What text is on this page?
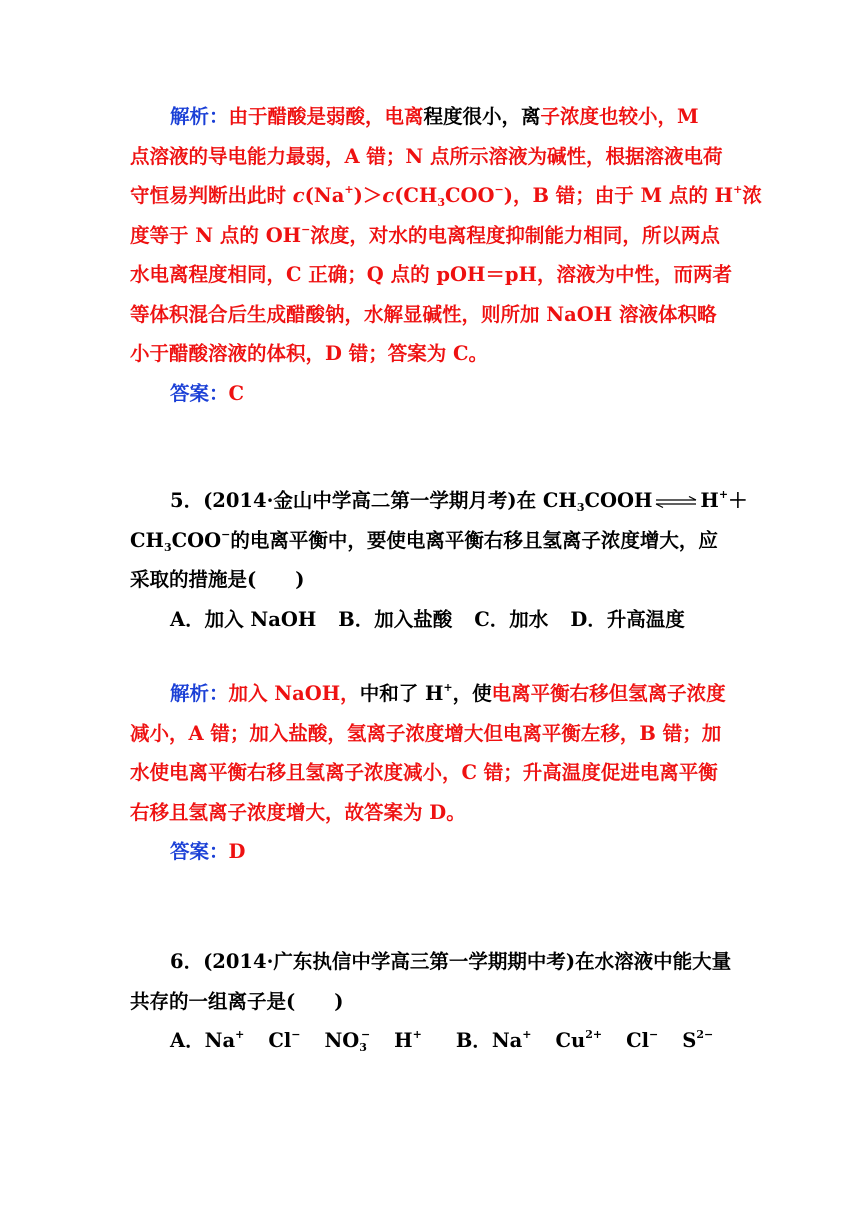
解析：由于醋酸是弱酸，电离程度很小，离子浓度也较小，M
点溶液的导电能力最弱，A 错；N 点所示溶液为碱性，根据溶液电荷
守恒易判断出此时 $c(Na^+)>c(CH_3COO^-)$，B 错；由于 M 点的 H+浓
度等于 N 点的 OH−浓度，对水的电离程度抑制能力相同，所以两点
水电离程度相同，C 正确；Q 点的 pOH＝pH，溶液为中性，而两者
等体积混合后生成醋酸钠，水解显碱性，则所加 NaOH 溶液体积略
小于醋酸溶液的体积，D 错；答案为 C。
答案：C
5．(2014·金山中学高二第一学期月考)在 $CH_3COOH$ ⇌ H+＋
$CH_3COO^-$的电离平衡中，要使电离平衡右移且氢离子浓度增大，应
采取的措施是(　　)
A．加入 NaOH B．加入盐酸 C．加水 D．升高温度
解析：加入 NaOH，中和了 H+，使电离平衡右移但氢离子浓度
减小，A 错；加入盐酸，氢离子浓度增大但电离平衡左移，B 错；加
水使电离平衡右移且氢离子浓度减小，C 错；升高温度促进电离平衡
右移且氢离子浓度增大，故答案为 D。
答案：D
6．(2014·广东执信中学高三第一学期期中考)在水溶液中能大量
共存的一组离子是(　　)
A．Na+ Cl− $NO_3^-$ H+ B．Na+ $Cu^{2+}$ Cl− $S^{2-}$
